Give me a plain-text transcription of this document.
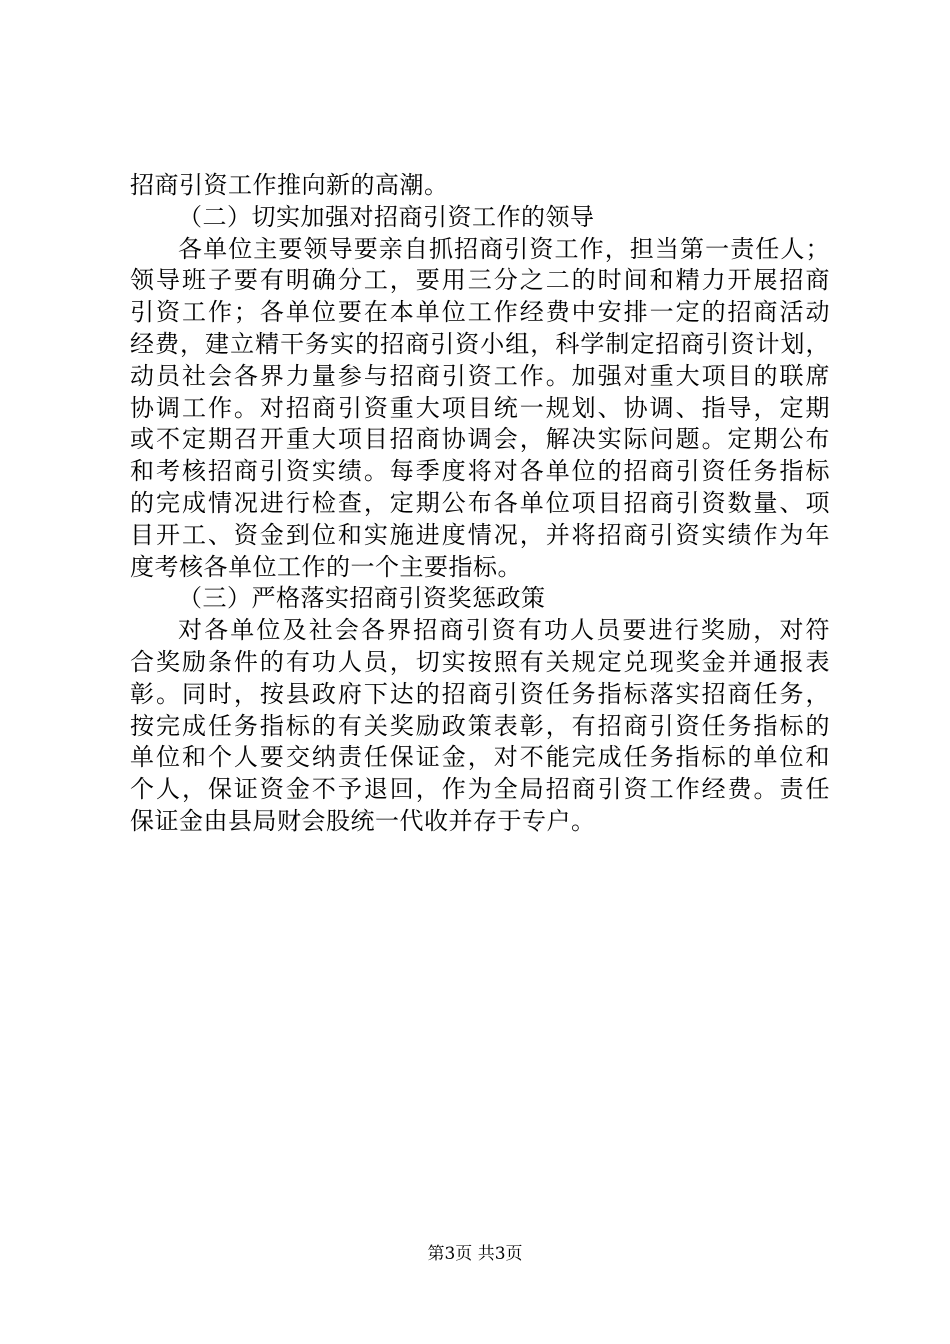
招商引资工作推向新的高潮。
（二）切实加强对招商引资工作的领导
各单位主要领导要亲自抓招商引资工作，担当第一责任人；
领导班子要有明确分工，要用三分之二的时间和精力开展招商
引资工作；各单位要在本单位工作经费中安排一定的招商活动
经费，建立精干务实的招商引资小组，科学制定招商引资计划，
动员社会各界力量参与招商引资工作。加强对重大项目的联席
协调工作。对招商引资重大项目统一规划、协调、指导，定期
或不定期召开重大项目招商协调会，解决实际问题。定期公布
和考核招商引资实绩。每季度将对各单位的招商引资任务指标
的完成情况进行检查，定期公布各单位项目招商引资数量、项
目开工、资金到位和实施进度情况，并将招商引资实绩作为年
度考核各单位工作的一个主要指标。
（三）严格落实招商引资奖惩政策
对各单位及社会各界招商引资有功人员要进行奖励，对符
合奖励条件的有功人员，切实按照有关规定兑现奖金并通报表
彰。同时，按县政府下达的招商引资任务指标落实招商任务，
按完成任务指标的有关奖励政策表彰，有招商引资任务指标的
单位和个人要交纳责任保证金，对不能完成任务指标的单位和
个人，保证资金不予退回，作为全局招商引资工作经费。责任
保证金由县局财会股统一代收并存于专户。
第3页 共3页
